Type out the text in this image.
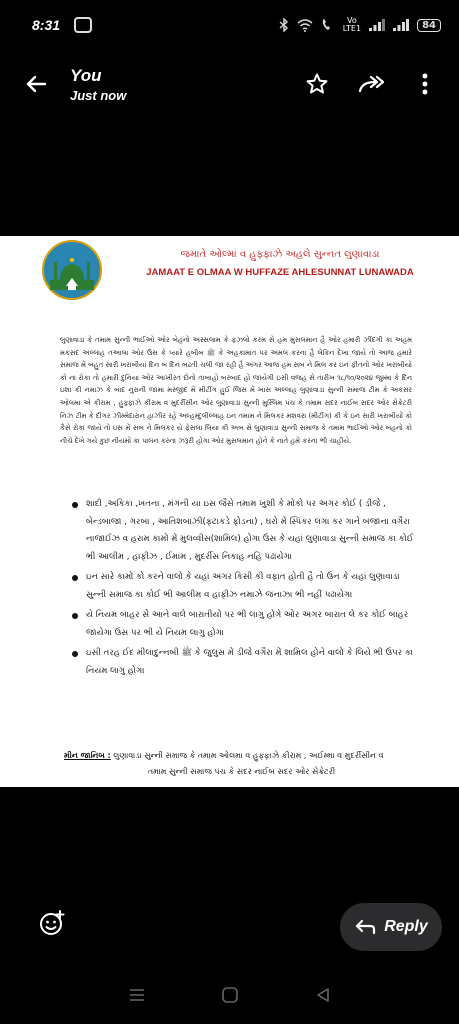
8:31	Vo
LTE1	84
You
Just now
જમાતે ઓલ્માં વ હુફ્ફાઝે અહલે સુન્નત લુણાવાડા
JAMAAT E OLMAA W HUFFAZE AHLESUNNAT LUNAWADA

લુણાવાડા કે તમામ સુન્ની ભાઈઓ ઓર બેહનો અસ્સલામ કે ફઝલો કરમ સે હમ મુસલમાન હૈ ઓર હમારી ઝીંદગી કા અહમ મકસદ અલ્લાહ તઆલા ઓર ઉસ કે પ્યારે હબીબ ﷺ કે અહકામાત પર અમલ કરના હૈ લેકિન દેખા જાયે તો આજ હમારે સમાજ મેં બહુત સારી ખરાબીયાં દિન બ દિન બઢતી ચલી જા રહી હૈ અગર આજ હમ સબ ને મિલ કર ઇન ફીતનોં ઓર ખરાબીયોં કો ના રોકા તો હમારી દુનિયા ઓર આખીરત દોનો તાબાહો બરબાદ હો જાયેગી ઇસી વજહ સે તારીખ ૧૮/૧૦/૨૦૨૪ જુમ્મા કે દિન ઇશા કી નમાઝ કે બાદ નુરાની જામા મસ્જીદ મેં મીટીંગ હુઈ જિસ મેં ખાસ અલ્લાહ લુણાવાડા સુન્ની સમાજ ટીમ કે અકસર ઓલમા એ કીરામ , હુફ્ફાઝે કીરામ વ મુદર્રીસીન ઓર લુણાવાડા સુન્ની મુસ્લિમ પંચ કે તમામ સદર નાઈબ સદર ઓર સેક્રેટરી નિઝ ટીમ કે દીગર ઝીમ્મેદારાન હાઝીર રહે અલ્હમ્દુલીલ્લાહ ઇન તમામ ને મિલકર મશવરા (મીટીંગ) કી કે ઇન સારી ખરાબીયોં કો કૈસે રોકા જાયે તો ઇસ મેં સબ ને મિલકર યે ફેસલા લિયા કી અબ સે લુણાવાડા સુન્ની સમાજ કે તમામ ભાઈઓ ઓર બહનો કો નીચે દેખે ગયે કુછ નીયમોં કા પાલન કરના ઝરૂરી હોગા ઓર મુસલમાન હોને કે નાતે હમેં કરના ભી ચાહીયે.

શાદી ,અકિકા ,ખતના , મંગની યા ઇસ જૈસે તમામ ખુશી કે મોકો પર અગર કોઈ ( ડીજે , બેન્ડબાજા , ગરબા , આતિશબાઝી(ફટાકડે ફોડના) , ઘરો મેં સ્પિકર લગા કર ગાને બજાના વગૈરા નાજાઈઝ વ હરામ કામોં મેં મુલવ્વીસ(શામિલ) હોગા ઉસ કે યહાં લુણાવાડા સુન્ની સમાજ કા કોઈ ભી આલીમ , હાફીઝ , ઈમામ , મુદર્રીસ નિકાહ નહિ પઢાયેગા
ઇન સારે કામોં કો કરને વાલોં કે યહાં અગર કિસી કી વફાત હોતી હૈ તો ઉન કે યહાં લુણાવાડા સુન્ની સમાજ કા કોઈ ભી આલીમ વ હાફીઝ નમાઝે જનાઝા ભી નહીં પઢાયેગા
યે નિયમ બાહર સે આને વાલે બારાતીયોં પર ભી લાગુ હોંગે ઓર અગર બારાત લે કર કોઈ બાહર જાયેગા ઉસ પર ભી યે નિયમ લાગુ હોગા
ઇસી તરહ ઈદ મીલાદુન્નબી ﷺ કે જુલુસ મેં ડીજે વગૈરા મેં શામિલ હોને વાલોં કે લિયે ભી ઉપર કા નિયમ લાગુ હોગા
મીન જાનિબ : લુણાવાડા સુન્ની સમાજ કે તમામ ઓલમા વ હુફ્ફાઝે કીરામ , અઈમ્મા વ મુદર્રીસીન વ
તમામ સુન્ની સમાજ પંચ કે સદર નાઈબ સદર ઓર સેક્રેટરી
Reply
